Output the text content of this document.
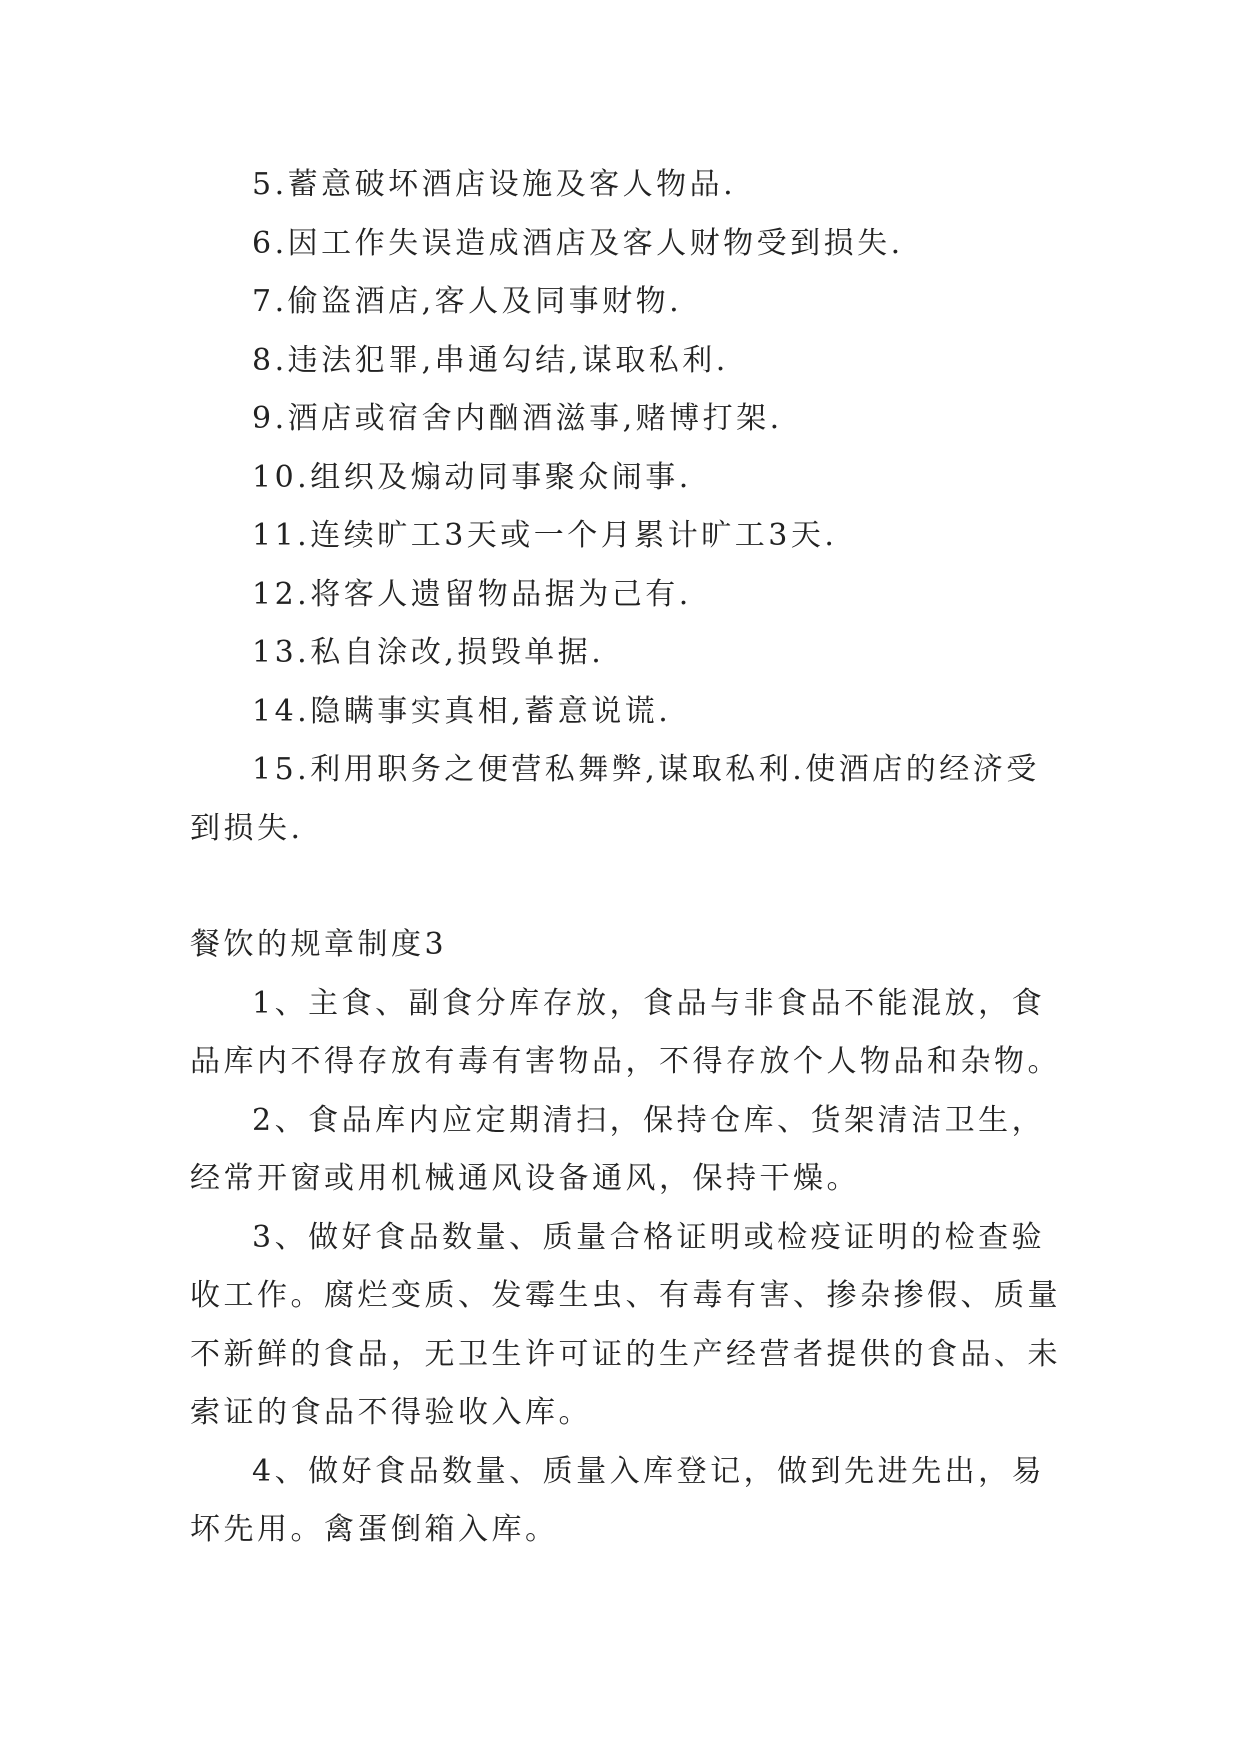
5.蓄意破坏酒店设施及客人物品.

6.因工作失误造成酒店及客人财物受到损失.

7.偷盗酒店,客人及同事财物.

8.违法犯罪,串通勾结,谋取私利.

9.酒店或宿舍内酗酒滋事,赌博打架.

10.组织及煽动同事聚众闹事.

11.连续旷工3天或一个月累计旷工3天.

12.将客人遗留物品据为己有.

13.私自涂改,损毁单据.

14.隐瞒事实真相,蓄意说谎.

15.利用职务之便营私舞弊,谋取私利.使酒店的经济受到损失.

餐饮的规章制度3

1、主食、副食分库存放，食品与非食品不能混放，食品库内不得存放有毒有害物品，不得存放个人物品和杂物。

2、食品库内应定期清扫，保持仓库、货架清洁卫生，经常开窗或用机械通风设备通风，保持干燥。

3、做好食品数量、质量合格证明或检疫证明的检查验收工作。腐烂变质、发霉生虫、有毒有害、掺杂掺假、质量不新鲜的食品，无卫生许可证的生产经营者提供的食品、未索证的食品不得验收入库。

4、做好食品数量、质量入库登记，做到先进先出，易坏先用。禽蛋倒箱入库。
